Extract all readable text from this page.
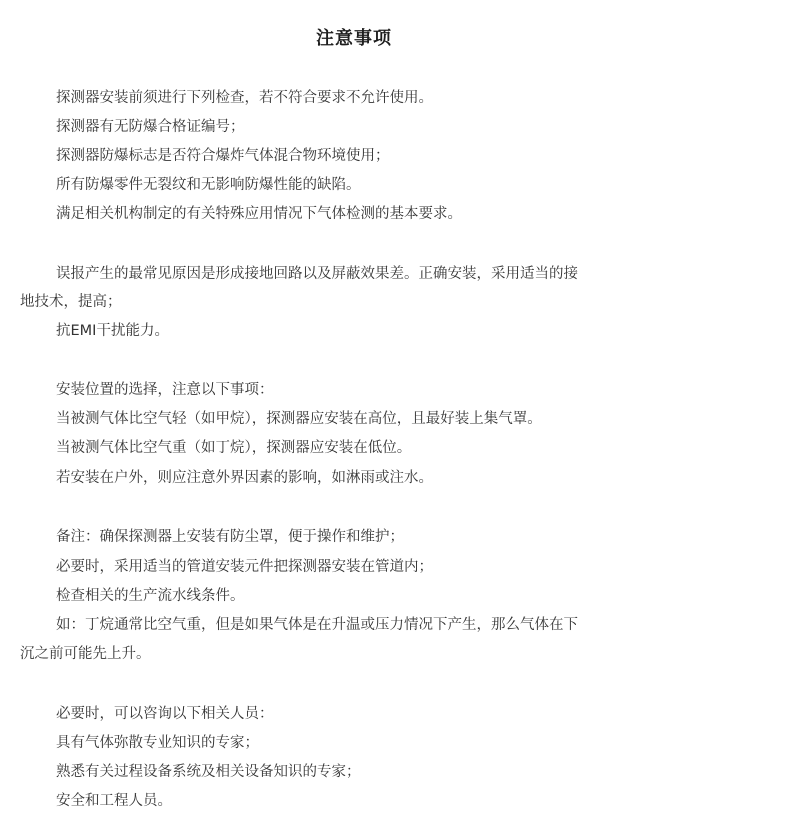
注意事项
探测器安装前须进行下列检查，若不符合要求不允许使用。
探测器有无防爆合格证编号；
探测器防爆标志是否符合爆炸气体混合物环境使用；
所有防爆零件无裂纹和无影响防爆性能的缺陷。
满足相关机构制定的有关特殊应用情况下气体检测的基本要求。
误报产生的最常见原因是形成接地回路以及屏蔽效果差。正确安装，采用适当的接
地技术，提高；
抗EMI干扰能力。
安装位置的选择，注意以下事项：
当被测气体比空气轻（如甲烷），探测器应安装在高位，且最好装上集气罩。
当被测气体比空气重（如丁烷），探测器应安装在低位。
若安装在户外，则应注意外界因素的影响，如淋雨或注水。
备注：确保探测器上安装有防尘罩，便于操作和维护；
必要时，采用适当的管道安装元件把探测器安装在管道内；
检查相关的生产流水线条件。
如：丁烷通常比空气重，但是如果气体是在升温或压力情况下产生，那么气体在下
沉之前可能先上升。
必要时，可以咨询以下相关人员：
具有气体弥散专业知识的专家；
熟悉有关过程设备系统及相关设备知识的专家；
安全和工程人员。
